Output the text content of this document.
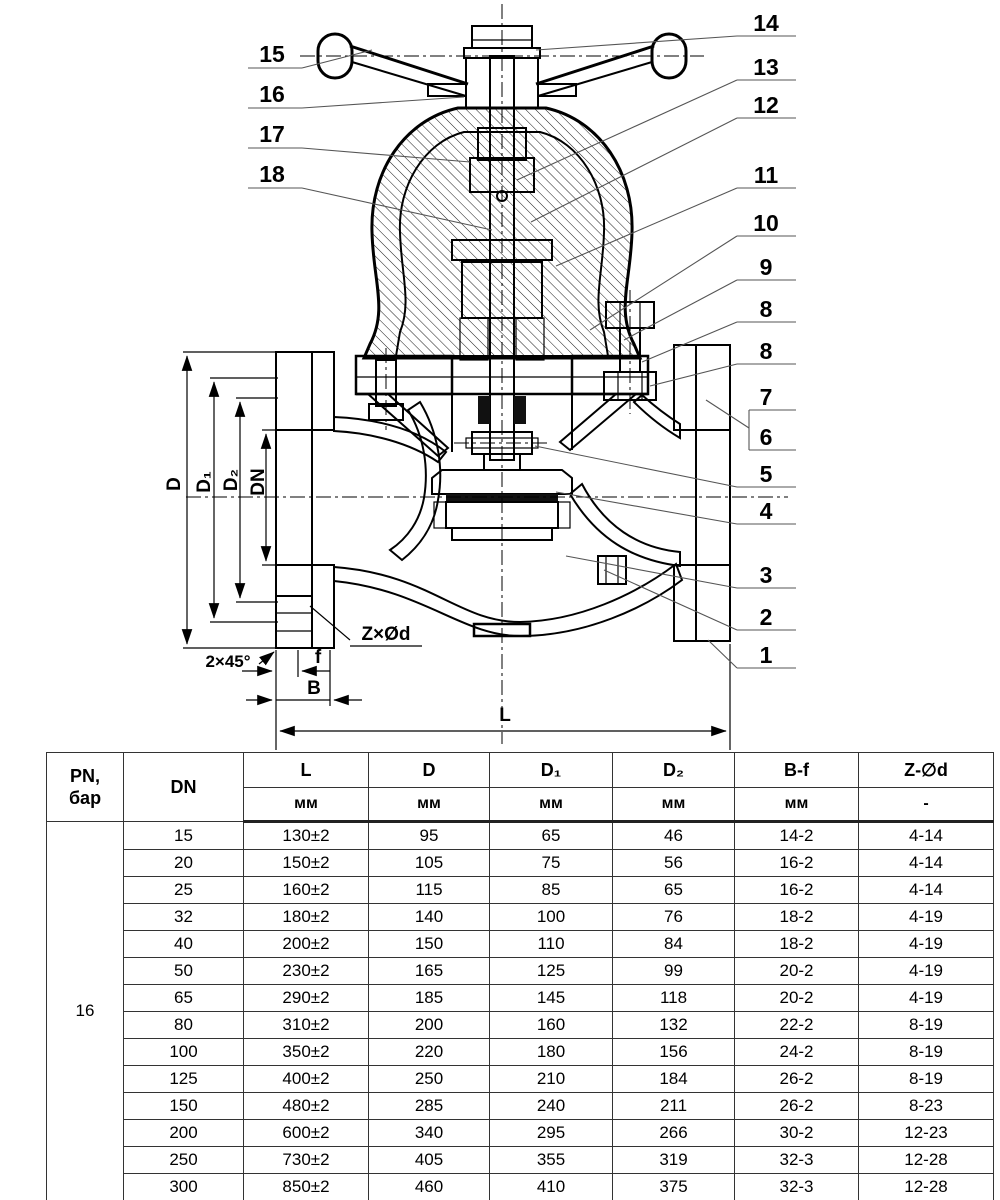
D D₁ D₂ DN
L
B
f
2×45°
Z×Ød
15
16
17
18
14
13
12
11
10
9
8
8
7
6
5
4
3
2
1
PN,
бар	DN	L	D	D₁	D₂	B-f	Z-∅d
		мм	мм	мм	мм	мм	-
16	15	130±2	95	65	46	14-2	4-14
	20	150±2	105	75	56	16-2	4-14
	25	160±2	115	85	65	16-2	4-14
	32	180±2	140	100	76	18-2	4-19
	40	200±2	150	110	84	18-2	4-19
	50	230±2	165	125	99	20-2	4-19
	65	290±2	185	145	118	20-2	4-19
	80	310±2	200	160	132	22-2	8-19
	100	350±2	220	180	156	24-2	8-19
	125	400±2	250	210	184	26-2	8-19
	150	480±2	285	240	211	26-2	8-23
	200	600±2	340	295	266	30-2	12-23
	250	730±2	405	355	319	32-3	12-28
	300	850±2	460	410	375	32-3	12-28
